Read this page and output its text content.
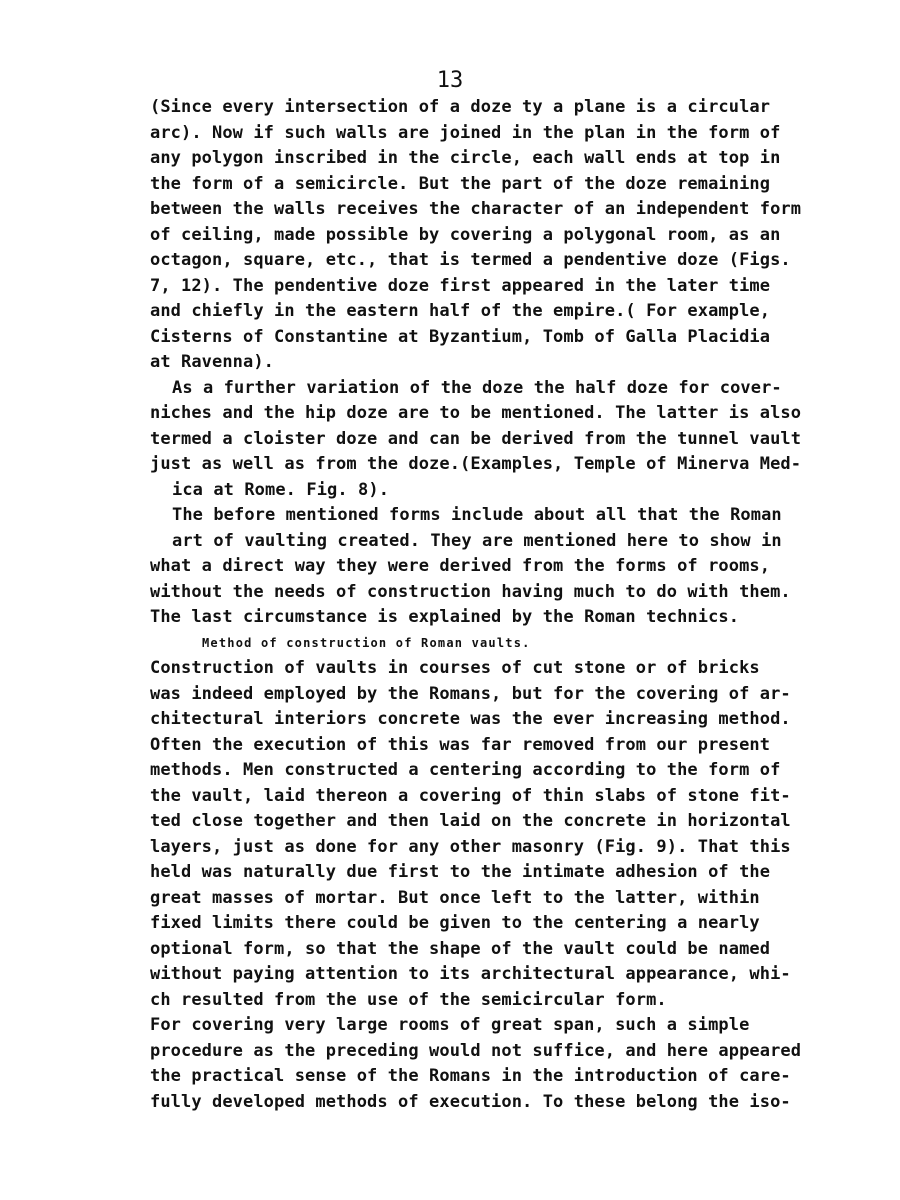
13
(Since every intersection of a doze ty a plane is a circular
arc). Now if such walls are joined in the plan in the form of
any polygon inscribed in the circle, each wall ends at top in
the form of a semicircle. But the part of the doze remaining
between the walls receives the character of an independent form
of ceiling, made possible by covering a polygonal room, as an
octagon, square, etc., that is termed a pendentive doze (Figs.
7, 12). The pendentive doze first appeared in the later time
and chiefly in the eastern half of the empire.( For example,
Cisterns of Constantine at Byzantium, Tomb of Galla Placidia
at Ravenna).
As a further variation of the doze the half doze for cover-
niches and the hip doze are to be mentioned. The latter is also
termed a cloister doze and can be derived from the tunnel vault
just as well as from the doze.(Examples, Temple of Minerva Med-
ica at Rome. Fig. 8).
The before mentioned forms include about all that the Roman
art of vaulting created. They are mentioned here to show in
what a direct way they were derived from the forms of rooms,
without the needs of construction having much to do with them.
The last circumstance is explained by the Roman technics.
Method of construction of Roman vaults.
Construction of vaults in courses of cut stone or of bricks
was indeed employed by the Romans, but for the covering of ar-
chitectural interiors concrete was the ever increasing method.
Often the execution of this was far removed from our present
methods. Men constructed a centering according to the form of
the vault, laid thereon a covering of thin slabs of stone fit-
ted close together and then laid on the concrete in horizontal
layers, just as done for any other masonry (Fig. 9). That this
held was naturally due first to the intimate adhesion of the
great masses of mortar. But once left to the latter, within
fixed limits there could be given to the centering a nearly
optional form, so that the shape of the vault could be named
without paying attention to its architectural appearance, whi-
ch resulted from the use of the semicircular form.
For covering very large rooms of great span, such a simple
procedure as the preceding would not suffice, and here appeared
the practical sense of the Romans in the introduction of care-
fully developed methods of execution. To these belong the iso-
